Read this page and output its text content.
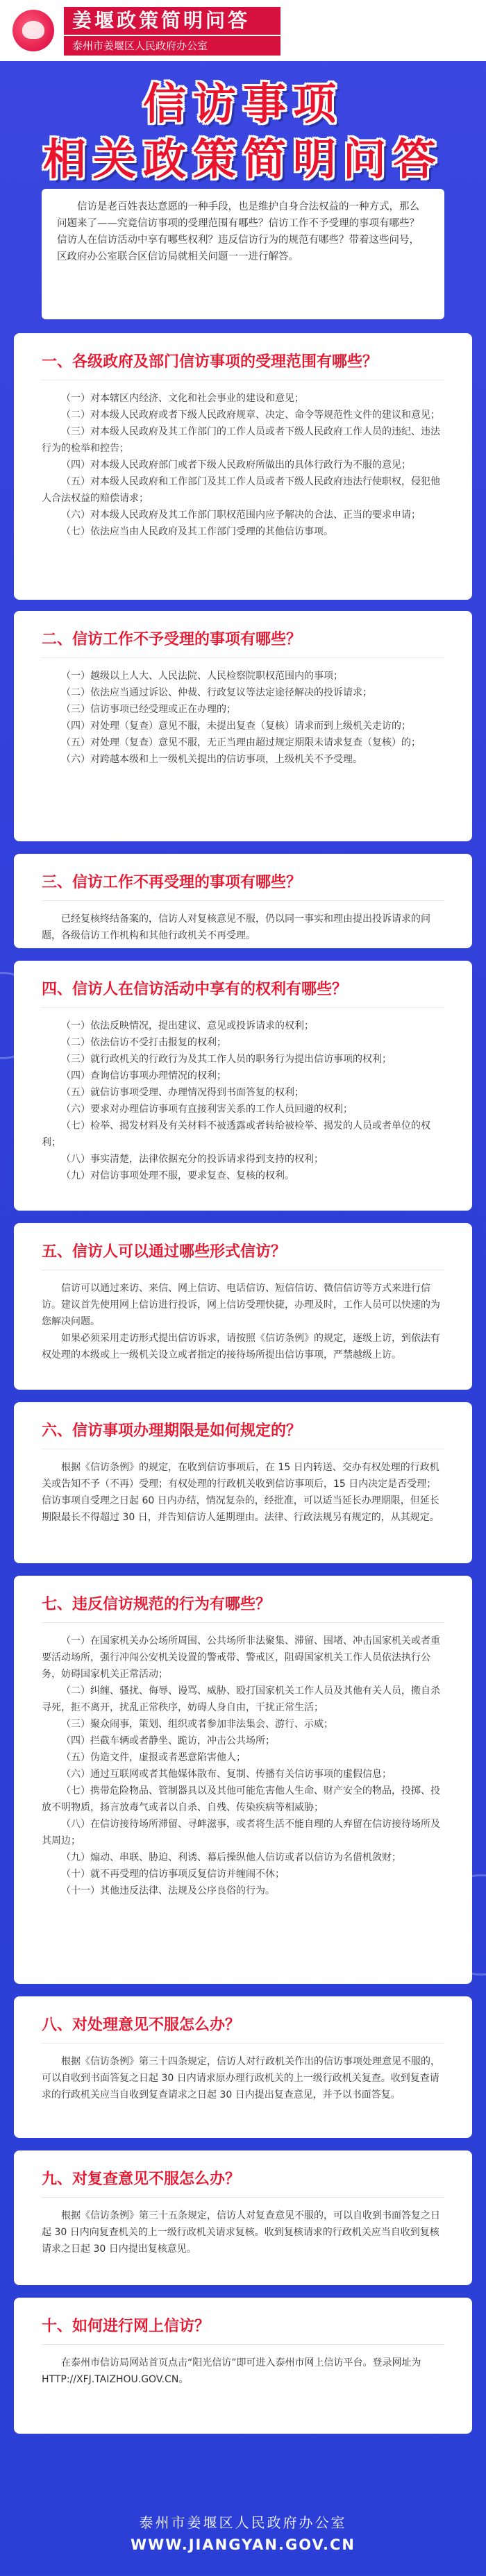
姜堰政策简明问答
泰州市姜堰区人民政府办公室
信访事项
相关政策简明问答
信访是老百姓表达意愿的一种手段，也是维护自身合法权益的一种方式，那么问题来了——究竟信访事项的受理范围有哪些？信访工作不予受理的事项有哪些？信访人在信访活动中享有哪些权利？违反信访行为的规范有哪些？带着这些问号，区政府办公室联合区信访局就相关问题一一进行解答。
一、各级政府及部门信访事项的受理范围有哪些？

（一）对本辖区内经济、文化和社会事业的建设和意见；

（二）对本级人民政府或者下级人民政府规章、决定、命令等规范性文件的建议和意见；

（三）对本级人民政府及其工作部门的工作人员或者下级人民政府工作人员的违纪、违法行为的检举和控告；

（四）对本级人民政府部门或者下级人民政府所做出的具体行政行为不服的意见；

（五）对本级人民政府和工作部门及其工作人员或者下级人民政府违法行使职权，侵犯他人合法权益的赔偿请求；

（六）对本级人民政府及其工作部门职权范围内应予解决的合法、正当的要求申请；

（七）依法应当由人民政府及其工作部门受理的其他信访事项。

二、信访工作不予受理的事项有哪些？

（一）越级以上人大、人民法院、人民检察院职权范围内的事项；

（二）依法应当通过诉讼、仲裁、行政复议等法定途径解决的投诉请求；

（三）信访事项已经受理或正在办理的；

（四）对处理（复查）意见不服，未提出复查（复核）请求而到上级机关走访的；

（五）对处理（复查）意见不服，无正当理由超过规定期限未请求复查（复核）的；

（六）对跨越本级和上一级机关提出的信访事项，上级机关不予受理。

三、信访工作不再受理的事项有哪些？

已经复核终结备案的，信访人对复核意见不服，仍以同一事实和理由提出投诉请求的问题，各级信访工作机构和其他行政机关不再受理。

四、信访人在信访活动中享有的权利有哪些？

（一）依法反映情况，提出建议、意见或投诉请求的权利；

（二）依法信访不受打击报复的权利；

（三）就行政机关的行政行为及其工作人员的职务行为提出信访事项的权利；

（四）查询信访事项办理情况的权利；

（五）就信访事项受理、办理情况得到书面答复的权利；

（六）要求对办理信访事项有直接利害关系的工作人员回避的权利；

（七）检举、揭发材料及有关材料不被透露或者转给被检举、揭发的人员或者单位的权利；

（八）事实清楚，法律依据充分的投诉请求得到支持的权利；

（九）对信访事项处理不服，要求复查、复核的权利。

五、信访人可以通过哪些形式信访？

信访可以通过来访、来信、网上信访、电话信访、短信信访、微信信访等方式来进行信访。建议首先使用网上信访进行投诉，网上信访受理快捷，办理及时，工作人员可以快速的为您解决问题。

如果必须采用走访形式提出信访诉求，请按照《信访条例》的规定，逐级上访，到依法有权处理的本级或上一级机关设立或者指定的接待场所提出信访事项，严禁越级上访。

六、信访事项办理期限是如何规定的？

根据《信访条例》的规定，在收到信访事项后，在 15 日内转送、交办有权处理的行政机关或告知不予（不再）受理；有权处理的行政机关收到信访事项后，15 日内决定是否受理；信访事项自受理之日起 60 日内办结，情况复杂的，经批准，可以适当延长办理期限，但延长期限最长不得超过 30 日，并告知信访人延期理由。法律、行政法规另有规定的，从其规定。

七、违反信访规范的行为有哪些？

（一）在国家机关办公场所周围、公共场所非法聚集、滞留、围堵、冲击国家机关或者重要活动场所，强行冲闯公安机关设置的警戒带、警戒区，阻碍国家机关工作人员依法执行公务，妨碍国家机关正常活动；

（二）纠缠、骚扰、侮辱、谩骂、威胁、殴打国家机关工作人员及其他有关人员，搬自杀寻死，拒不离开，扰乱正常秩序，妨碍人身自由，干扰正常生活；

（三）聚众闹事，策划、组织或者参加非法集会、游行、示威；

（四）拦截车辆或者静坐、跪访，冲击公共场所；

（五）伪造文件，虚报或者恶意陷害他人；

（六）通过互联网或者其他媒体散布、复制、传播有关信访事项的虚假信息；

（七）携带危险物品、管制器具以及其他可能危害他人生命、财产安全的物品，投掷、投放不明物质，扬言放毒气或者以自杀、自残、传染疾病等相威胁；

（八）在信访接待场所滞留、寻衅滋事，或者将生活不能自理的人弃留在信访接待场所及其周边；

（九）煽动、串联、胁迫、利诱、幕后操纵他人信访或者以信访为名借机敛财；

（十）就不再受理的信访事项反复信访并缠闹不休；

（十一）其他违反法律、法规及公序良俗的行为。

八、对处理意见不服怎么办？

根据《信访条例》第三十四条规定，信访人对行政机关作出的信访事项处理意见不服的，可以自收到书面答复之日起 30 日内请求原办理行政机关的上一级行政机关复查。收到复查请求的行政机关应当自收到复查请求之日起 30 日内提出复查意见，并予以书面答复。

九、对复查意见不服怎么办？

根据《信访条例》第三十五条规定，信访人对复查意见不服的，可以自收到书面答复之日起 30 日内向复查机关的上一级行政机关请求复核。收到复核请求的行政机关应当自收到复核请求之日起 30 日内提出复核意见。

十、如何进行网上信访？

在泰州市信访局网站首页点击“阳光信访”即可进入泰州市网上信访平台。登录网址为 HTTP://XFJ.TAIZHOU.GOV.CN。

泰州市姜堰区人民政府办公室
WWW.JIANGYAN.GOV.CN
